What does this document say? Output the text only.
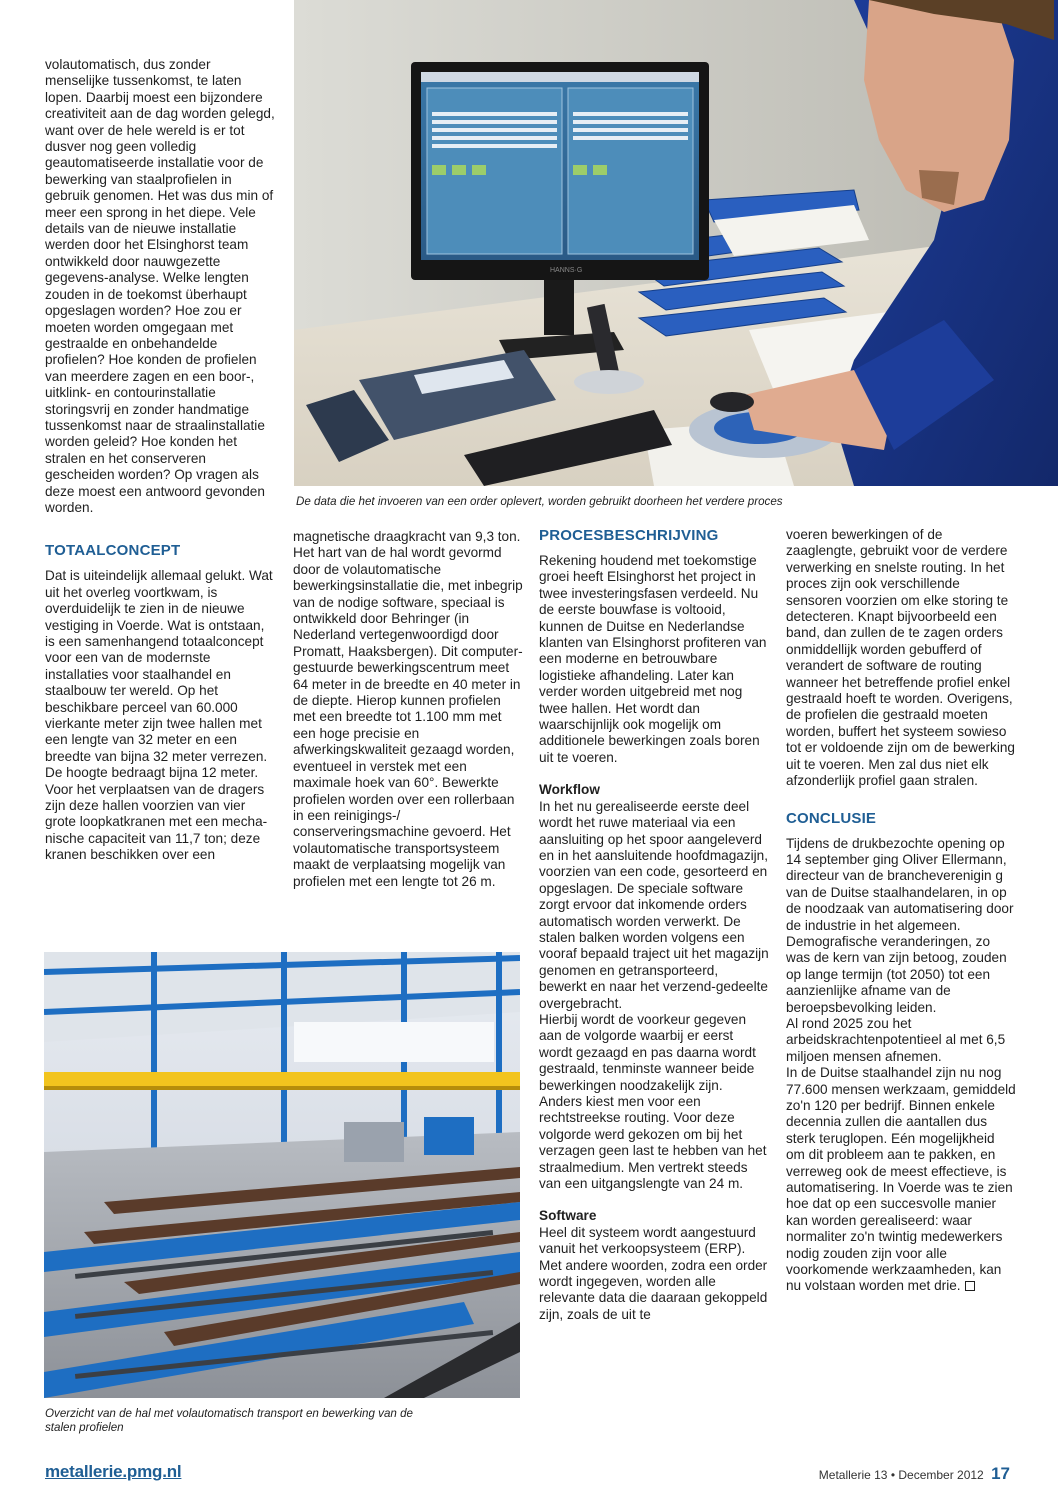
HANNS·G
De data die het invoeren van een order oplevert, worden gebruikt doorheen het verdere proces
Overzicht van de hal met volautomatisch transport en bewerking van de stalen profielen

volautomatisch, dus zonder menselijke tussenkomst, te laten lopen. Daarbij moest een bijzondere creativiteit aan de dag worden gelegd, want over de hele wereld is er tot dusver nog geen volledig geautomatiseerde installatie voor de bewerking van staalprofielen in gebruik genomen. Het was dus min of meer een sprong in het diepe. Vele details van de nieuwe installatie werden door het Elsinghorst team ontwikkeld door nauwgezette gegevens-analyse. Welke lengten zouden in de toekomst überhaupt opgeslagen worden? Hoe zou er moeten worden omgegaan met gestraalde en onbehandelde profielen? Hoe konden de profielen van meerdere zagen en een boor-, uitklink- en contourinstallatie storingsvrij en zonder handmatige tussenkomst naar de straalinstallatie worden geleid? Hoe konden het stralen en het conserveren gescheiden worden? Op vragen als deze moest een antwoord gevonden worden.

TOTAALCONCEPT

Dat is uiteindelijk allemaal gelukt. Wat uit het overleg voortkwam, is overduidelijk te zien in de nieuwe vestiging in Voerde. Wat is ontstaan, is een samenhangend totaalconcept voor een van de modernste installaties voor staalhandel en staalbouw ter wereld. Op het beschikbare perceel van 60.000 vierkante meter zijn twee hallen met een lengte van 32 meter en een breedte van bijna 32 meter verrezen. De hoogte bedraagt bijna 12 meter. Voor het verplaatsen van de dragers zijn deze hallen voorzien van vier grote loopkatkranen met een mecha-nische capaciteit van 11,7 ton; deze kranen beschikken over een

magnetische draagkracht van 9,3 ton. Het hart van de hal wordt gevormd door de volautomatische bewerkingsinstallatie die, met inbegrip van de nodige software, speciaal is ontwikkeld door Behringer (in Nederland vertegenwoordigd door Promatt, Haaksbergen). Dit computer-gestuurde bewerkingscentrum meet 64 meter in de breedte en 40 meter in de diepte. Hierop kunnen profielen met een breedte tot 1.100 mm met een hoge precisie en afwerkingskwaliteit gezaagd worden, eventueel in verstek met een maximale hoek van 60°. Bewerkte profielen worden over een rollerbaan in een reinigings-/ conserveringsmachine gevoerd. Het volautomatische transportsysteem maakt de verplaatsing mogelijk van profielen met een lengte tot 26 m.

PROCESBESCHRIJVING

Rekening houdend met toekomstige groei heeft Elsinghorst het project in twee investeringsfasen verdeeld. Nu de eerste bouwfase is voltooid, kunnen de Duitse en Nederlandse klanten van Elsinghorst profiteren van een moderne en betrouwbare logistieke afhandeling. Later kan verder worden uitgebreid met nog twee hallen. Het wordt dan waarschijnlijk ook mogelijk om additionele bewerkingen zoals boren uit te voeren.

Workflow

In het nu gerealiseerde eerste deel wordt het ruwe materiaal via een aansluiting op het spoor aangeleverd en in het aansluitende hoofdmagazijn, voorzien van een code, gesorteerd en opgeslagen. De speciale software zorgt ervoor dat inkomende orders automatisch worden verwerkt. De stalen balken worden volgens een vooraf bepaald traject uit het magazijn genomen en getransporteerd, bewerkt en naar het verzend-gedeelte overgebracht.

Hierbij wordt de voorkeur gegeven aan de volgorde waarbij er eerst wordt gezaagd en pas daarna wordt gestraald, tenminste wanneer beide bewerkingen noodzakelijk zijn.

Anders kiest men voor een rechtstreekse routing. Voor deze volgorde werd gekozen om bij het verzagen geen last te hebben van het straalmedium. Men vertrekt steeds van een uitgangslengte van 24 m.

Software

Heel dit systeem wordt aangestuurd vanuit het verkoopsysteem (ERP). Met andere woorden, zodra een order wordt ingegeven, worden alle relevante data die daaraan gekoppeld zijn, zoals de uit te

voeren bewerkingen of de zaaglengte, gebruikt voor de verdere verwerking en snelste routing. In het proces zijn ook verschillende sensoren voorzien om elke storing te detecteren. Knapt bijvoorbeeld een band, dan zullen de te zagen orders onmiddellijk worden gebufferd of verandert de software de routing wanneer het betreffende profiel enkel gestraald hoeft te worden. Overigens, de profielen die gestraald moeten worden, buffert het systeem sowieso tot er voldoende zijn om de bewerking uit te voeren. Men zal dus niet elk afzonderlijk profiel gaan stralen.

CONCLUSIE

Tijdens de drukbezochte opening op 14 september ging Oliver Ellermann, directeur van de brancheverenigin g van de Duitse staalhandelaren, in op de noodzaak van automatisering door de industrie in het algemeen. Demografische veranderingen, zo was de kern van zijn betoog, zouden op lange termijn (tot 2050) tot een aanzienlijke afname van de beroepsbevolking leiden.

Al rond 2025 zou het arbeidskrachtenpotentieel al met 6,5 miljoen mensen afnemen.

In de Duitse staalhandel zijn nu nog 77.600 mensen werkzaam, gemiddeld zo'n 120 per bedrijf. Binnen enkele decennia zullen die aantallen dus sterk teruglopen. Eén mogelijkheid om dit probleem aan te pakken, en verreweg ook de meest effectieve, is automatisering. In Voerde was te zien hoe dat op een succesvolle manier kan worden gerealiseerd: waar normaliter zo'n twintig medewerkers nodig zouden zijn voor alle voorkomende werkzaamheden, kan nu volstaan worden met drie.

metallerie.pmg.nl	Metallerie 13 • December 2012 17
